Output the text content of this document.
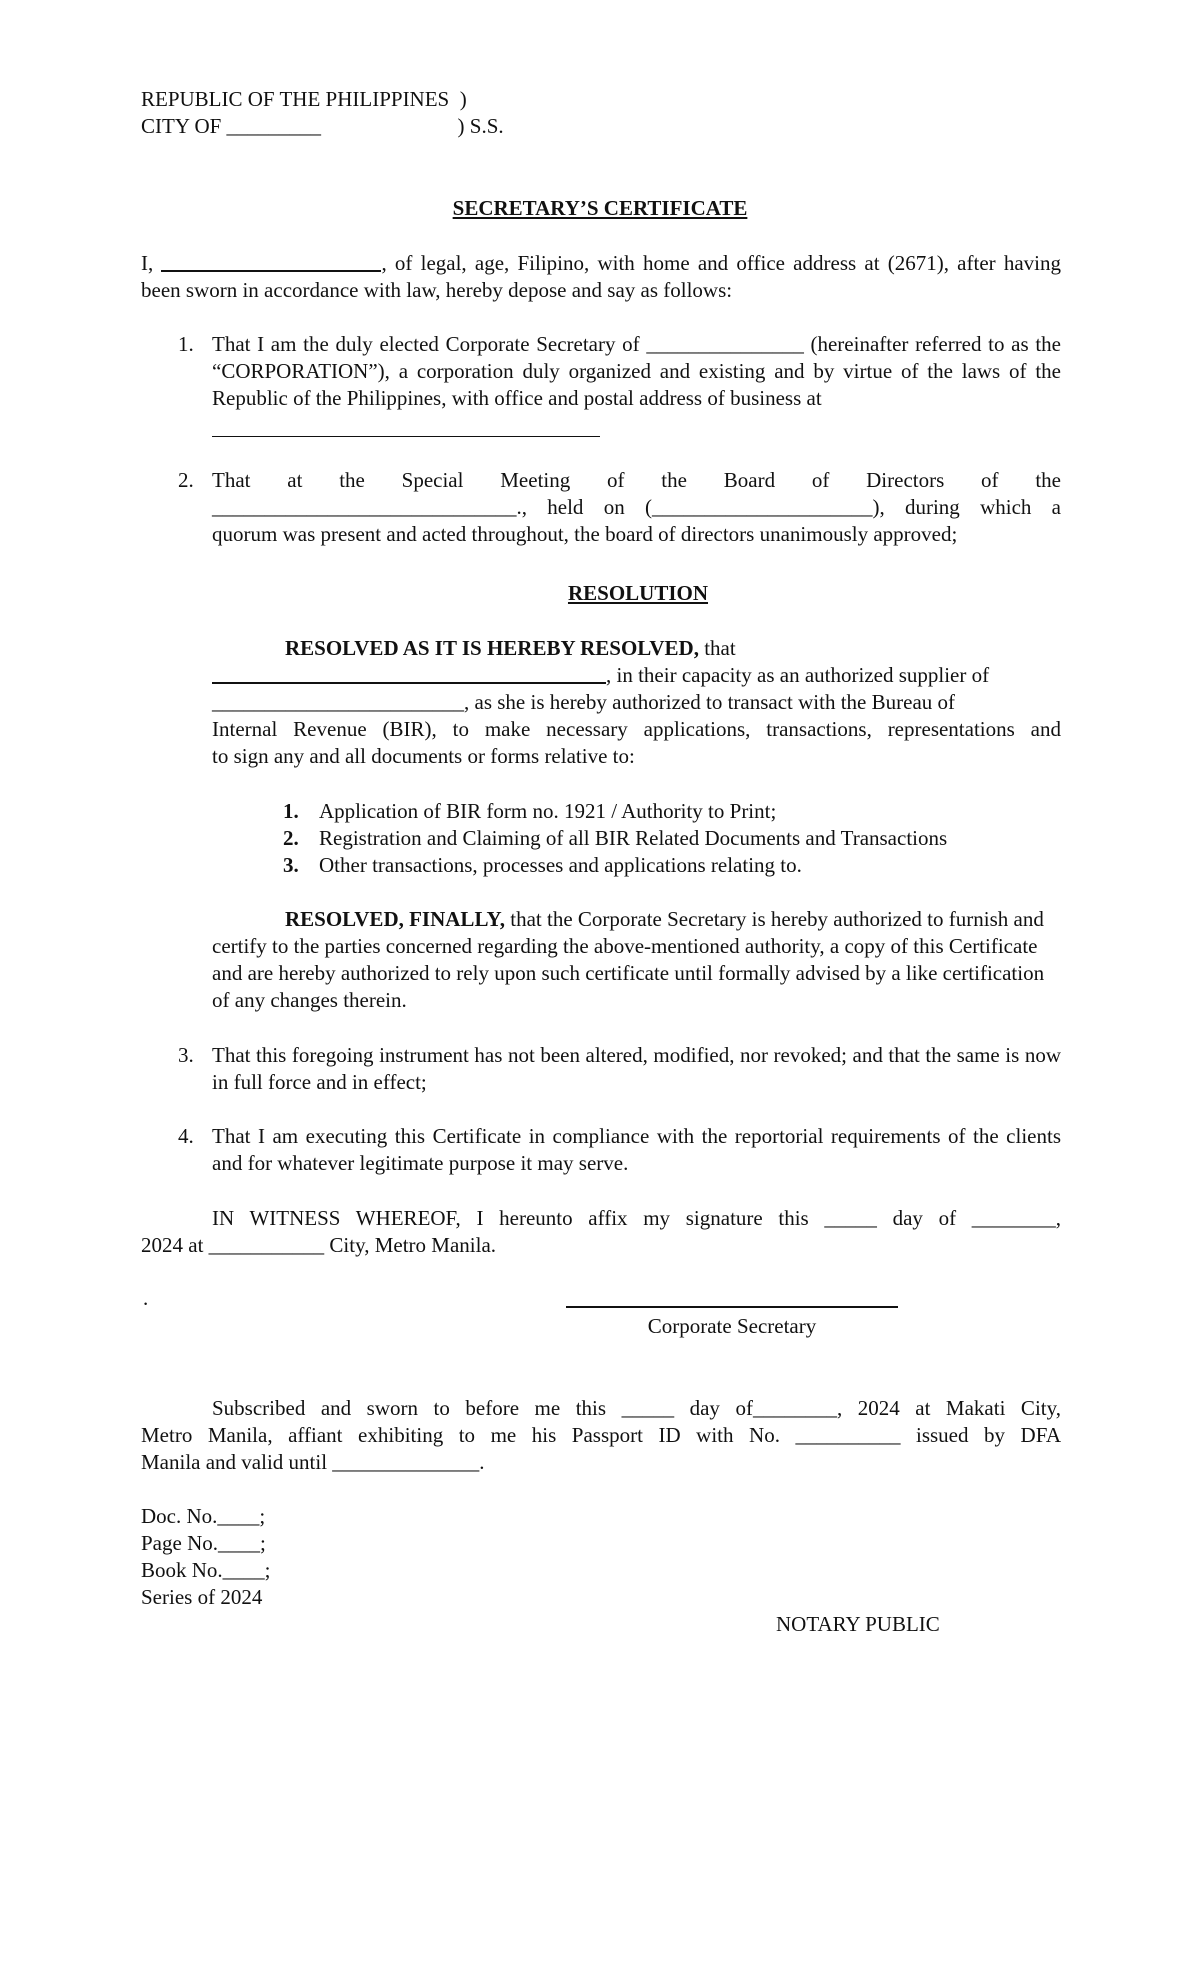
REPUBLIC OF THE PHILIPPINES  )
CITY OF _________                          ) S.S.
SECRETARY’S CERTIFICATE
I,	, of legal, age, Filipino, with home and office address at (2671), after having been sworn in accordance with law, hereby depose and say as follows:
1. That I am the duly elected Corporate Secretary of _______________ (hereinafter referred to as the “CORPORATION”), a corporation duly organized and existing and by virtue of the laws of the Republic of the Philippines, with office and postal address of business at
2. That at the Special Meeting of the Board of Directors of the
_____________________________., held on (_____________________), during which a
quorum was present and acted throughout, the board of directors unanimously approved;
RESOLUTION
RESOLVED AS IT IS HEREBY RESOLVED, that
, in their capacity as an authorized supplier of
________________________, as she is hereby authorized to transact with the Bureau of
Internal Revenue (BIR), to make necessary applications, transactions, representations and
to sign any and all documents or forms relative to:
1. Application of BIR form no. 1921 / Authority to Print;
2. Registration and Claiming of all BIR Related Documents and Transactions
3. Other transactions, processes and applications relating to.
RESOLVED, FINALLY, that the Corporate Secretary is hereby authorized to furnish and certify to the parties concerned regarding the above-mentioned authority, a copy of this Certificate and are hereby authorized to rely upon such certificate until formally advised by a like certification of any changes therein.
3. That this foregoing instrument has not been altered, modified, nor revoked; and that the same is now in full force and in effect;
4. That I am executing this Certificate in compliance with the reportorial requirements of the clients and for whatever legitimate purpose it may serve.
IN WITNESS WHEREOF, I hereunto affix my signature this _____ day of ________,
2024 at ___________ City, Metro Manila.
.
Corporate Secretary
Subscribed and sworn to before me this _____ day of________, 2024 at Makati City,
Metro Manila, affiant exhibiting to me his Passport ID with No. __________ issued by DFA
Manila and valid until ______________.
Doc. No.____;
Page No.____;
Book No.____;
Series of 2024
NOTARY PUBLIC
